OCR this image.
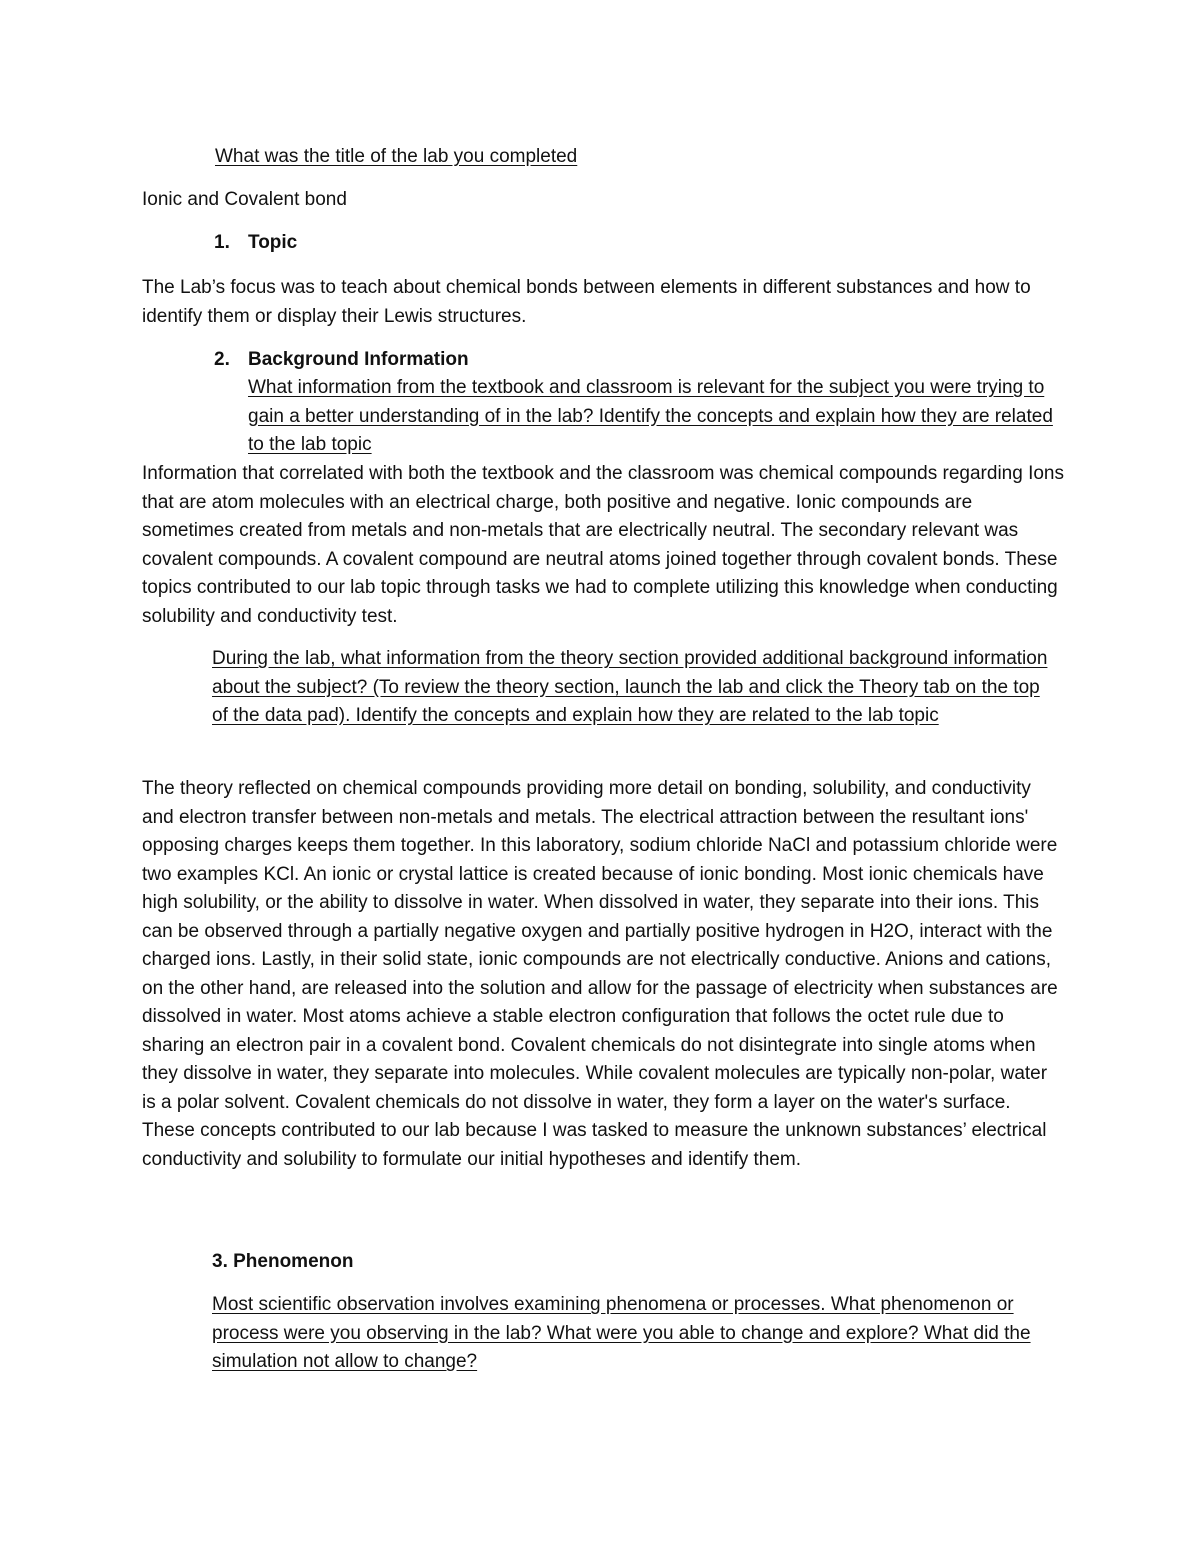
What was the title of the lab you completed

Ionic and Covalent bond

1. Topic

The Lab’s focus was to teach about chemical bonds between elements in different substances and how to identify them or display their Lewis structures.

2. Background Information

What information from the textbook and classroom is relevant for the subject you were trying to gain a better understanding of in the lab? Identify the concepts and explain how they are related to the lab topic

Information that correlated with both the textbook and the classroom was chemical compounds regarding Ions that are atom molecules with an electrical charge, both positive and negative. Ionic compounds are sometimes created from metals and non-metals that are electrically neutral. The secondary relevant was covalent compounds. A covalent compound are neutral atoms joined together through covalent bonds. These topics contributed to our lab topic through tasks we had to complete utilizing this knowledge when conducting solubility and conductivity test.

During the lab, what information from the theory section provided additional background information about the subject? (To review the theory section, launch the lab and click the Theory tab on the top of the data pad). Identify the concepts and explain how they are related to the lab topic

The theory reflected on chemical compounds providing more detail on bonding, solubility, and conductivity and electron transfer between non-metals and metals. The electrical attraction between the resultant ions' opposing charges keeps them together. In this laboratory, sodium chloride NaCl and potassium chloride were two examples KCl. An ionic or crystal lattice is created because of ionic bonding. Most ionic chemicals have high solubility, or the ability to dissolve in water. When dissolved in water, they separate into their ions. This can be observed through a partially negative oxygen and partially positive hydrogen in H2O, interact with the charged ions. Lastly, in their solid state, ionic compounds are not electrically conductive. Anions and cations, on the other hand, are released into the solution and allow for the passage of electricity when substances are dissolved in water. Most atoms achieve a stable electron configuration that follows the octet rule due to sharing an electron pair in a covalent bond. Covalent chemicals do not disintegrate into single atoms when they dissolve in water, they separate into molecules. While covalent molecules are typically non-polar, water is a polar solvent. Covalent chemicals do not dissolve in water, they form a layer on the water's surface. These concepts contributed to our lab because I was tasked to measure the unknown substances’ electrical conductivity and solubility to formulate our initial hypotheses and identify them.

3. Phenomenon

Most scientific observation involves examining phenomena or processes. What phenomenon or process were you observing in the lab? What were you able to change and explore? What did the simulation not allow to change?
